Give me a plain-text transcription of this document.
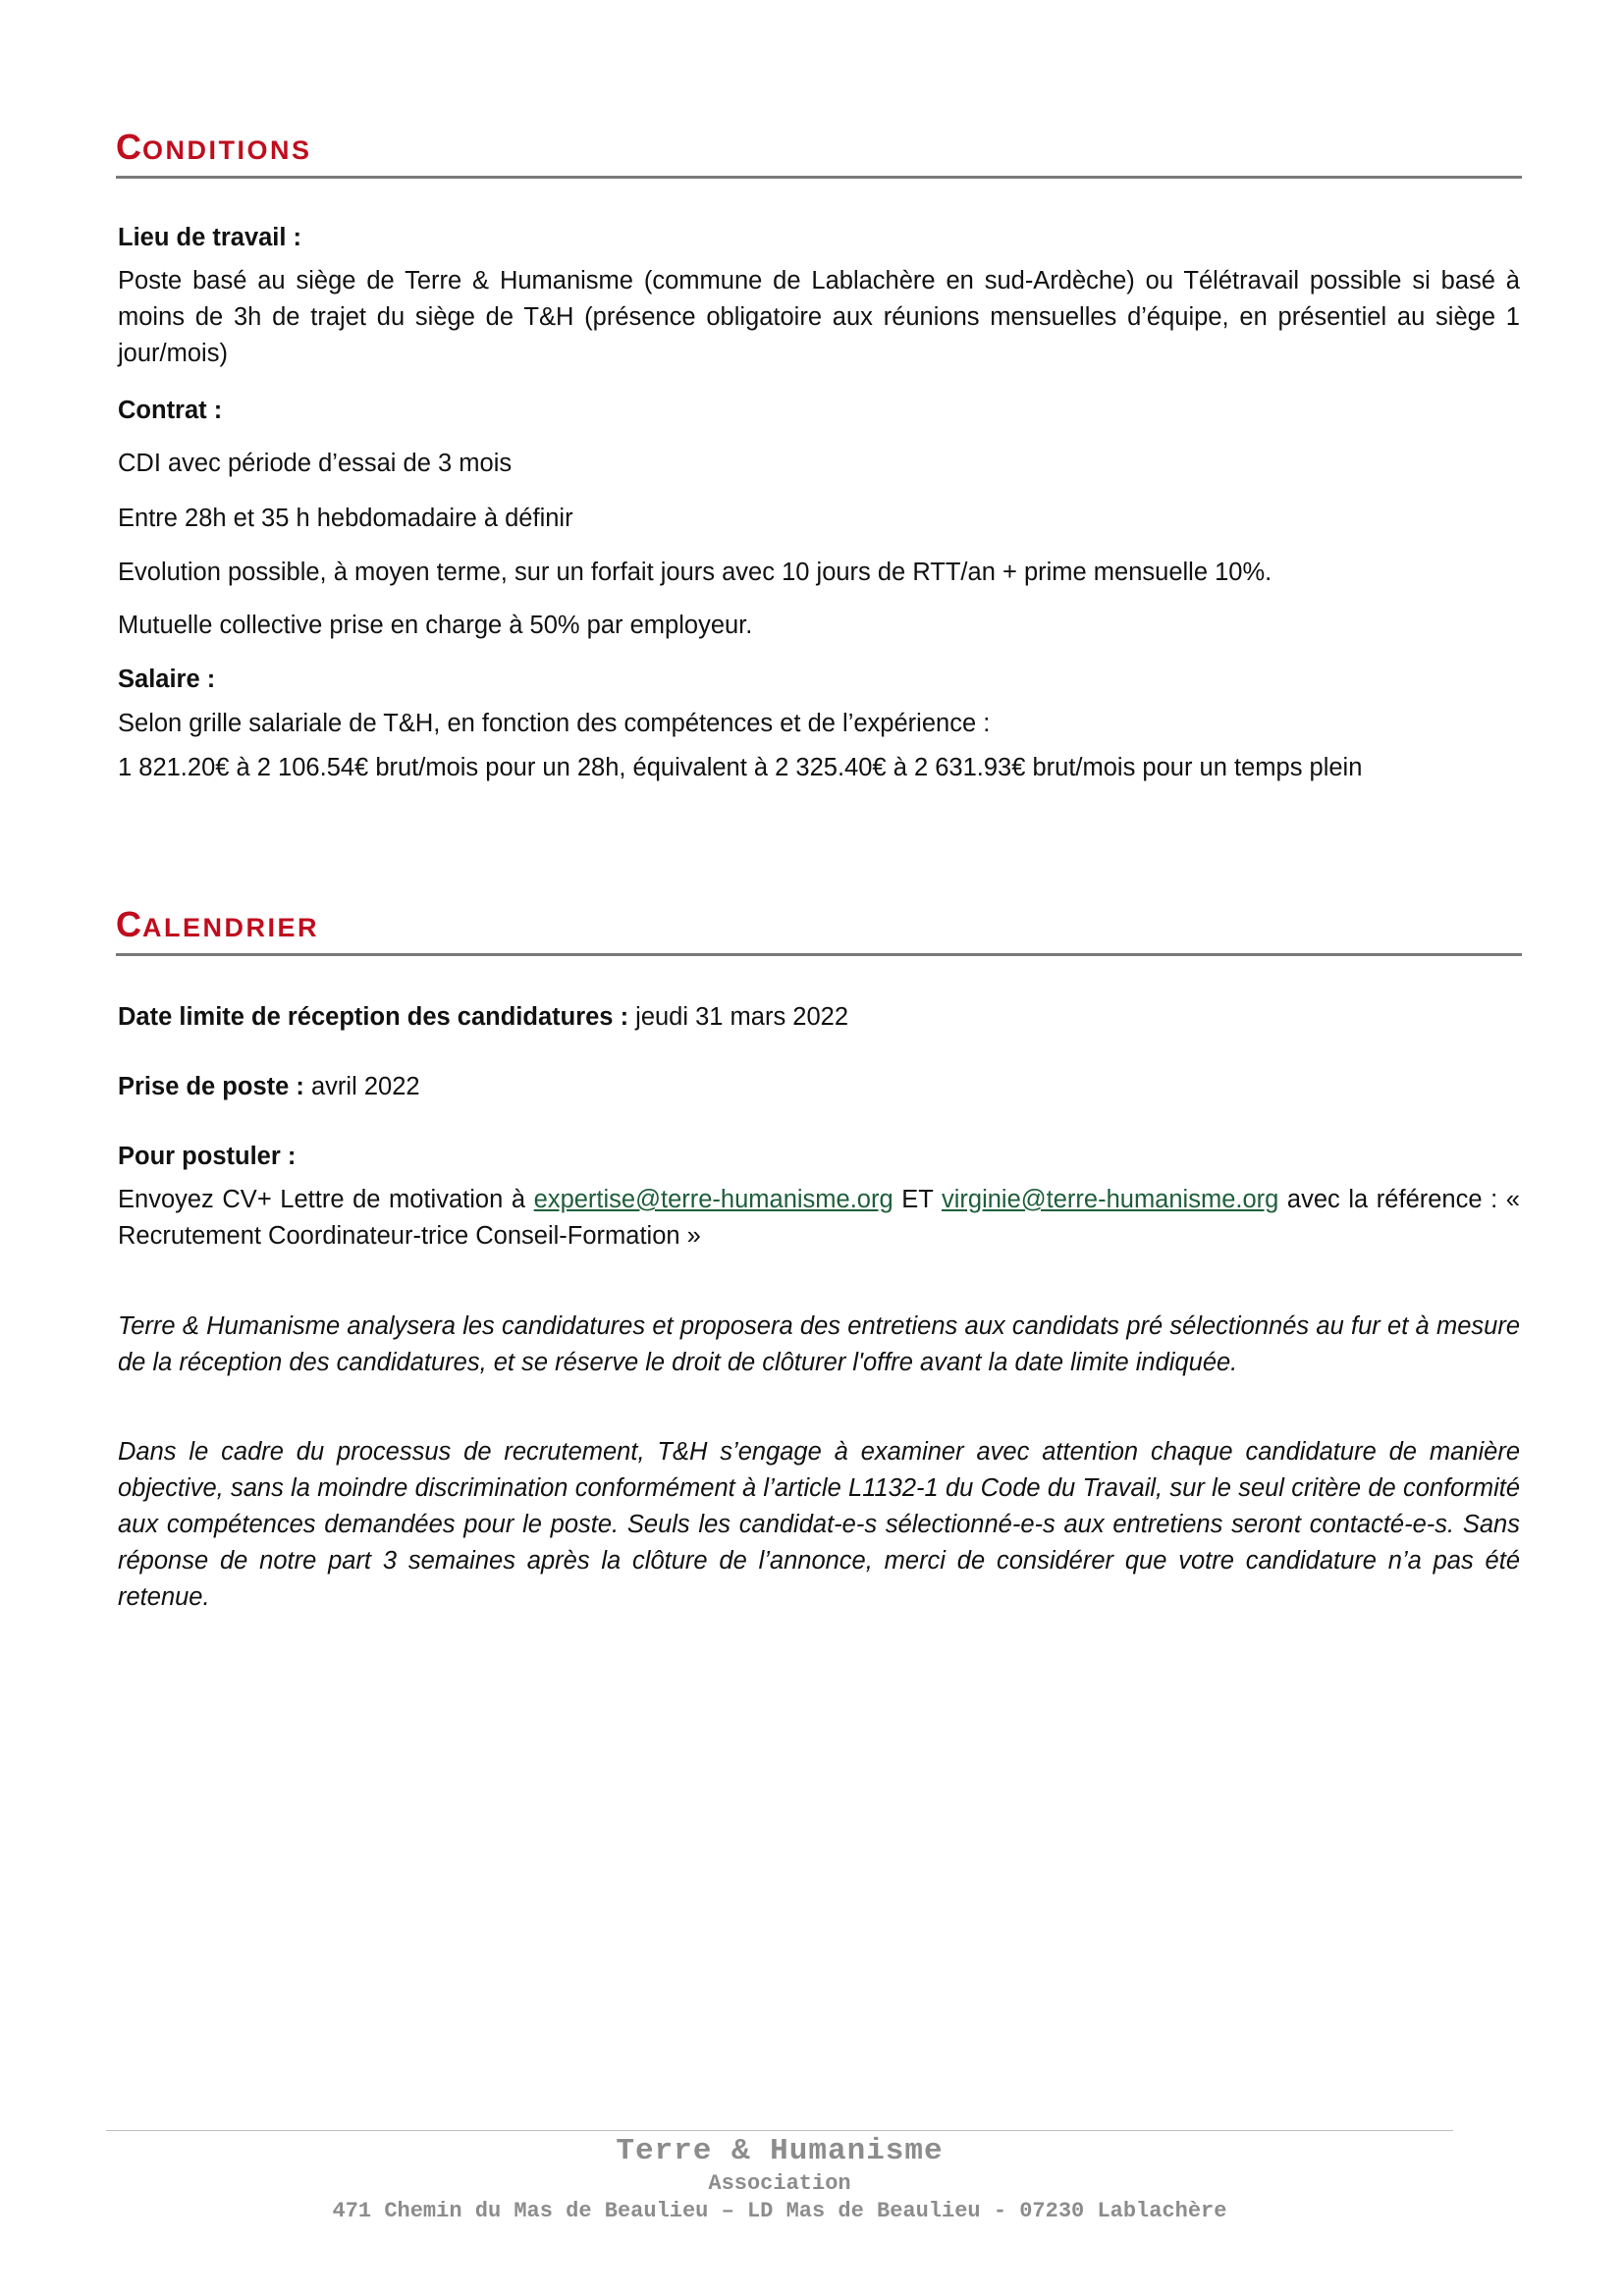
CONDITIONS

Lieu de travail :

Poste basé au siège de Terre & Humanisme (commune de Lablachère en sud-Ardèche) ou Télétravail possible si basé à moins de 3h de trajet du siège de T&H (présence obligatoire aux réunions mensuelles d’équipe, en présentiel au siège 1 jour/mois)

Contrat :

CDI avec période d’essai de 3 mois

Entre 28h et 35 h hebdomadaire à définir

Evolution possible, à moyen terme, sur un forfait jours avec 10 jours de RTT/an + prime mensuelle 10%.

Mutuelle collective prise en charge à 50% par employeur.

Salaire :

Selon grille salariale de T&H, en fonction des compétences et de l’expérience :

1 821.20€ à 2 106.54€ brut/mois pour un 28h, équivalent à 2 325.40€ à 2 631.93€ brut/mois pour un temps plein

CALENDRIER

Date limite de réception des candidatures : jeudi 31 mars 2022

Prise de poste : avril 2022

Pour postuler :

Envoyez CV+ Lettre de motivation à expertise@terre-humanisme.org ET virginie@terre-humanisme.org avec la référence : « Recrutement Coordinateur-trice Conseil-Formation »

Terre & Humanisme analysera les candidatures et proposera des entretiens aux candidats pré sélectionnés au fur et à mesure de la réception des candidatures, et se réserve le droit de clôturer l'offre avant la date limite indiquée.

Dans le cadre du processus de recrutement, T&H s’engage à examiner avec attention chaque candidature de manière objective, sans la moindre discrimination conformément à l’article L1132-1 du Code du Travail, sur le seul critère de conformité aux compétences demandées pour le poste. Seuls les candidat-e-s sélectionné-e-s aux entretiens seront contacté-e-s. Sans réponse de notre part 3 semaines après la clôture de l’annonce, merci de considérer que votre candidature n’a pas été retenue.

Terre & Humanisme

Association

471 Chemin du Mas de Beaulieu – LD Mas de Beaulieu - 07230 Lablachère
